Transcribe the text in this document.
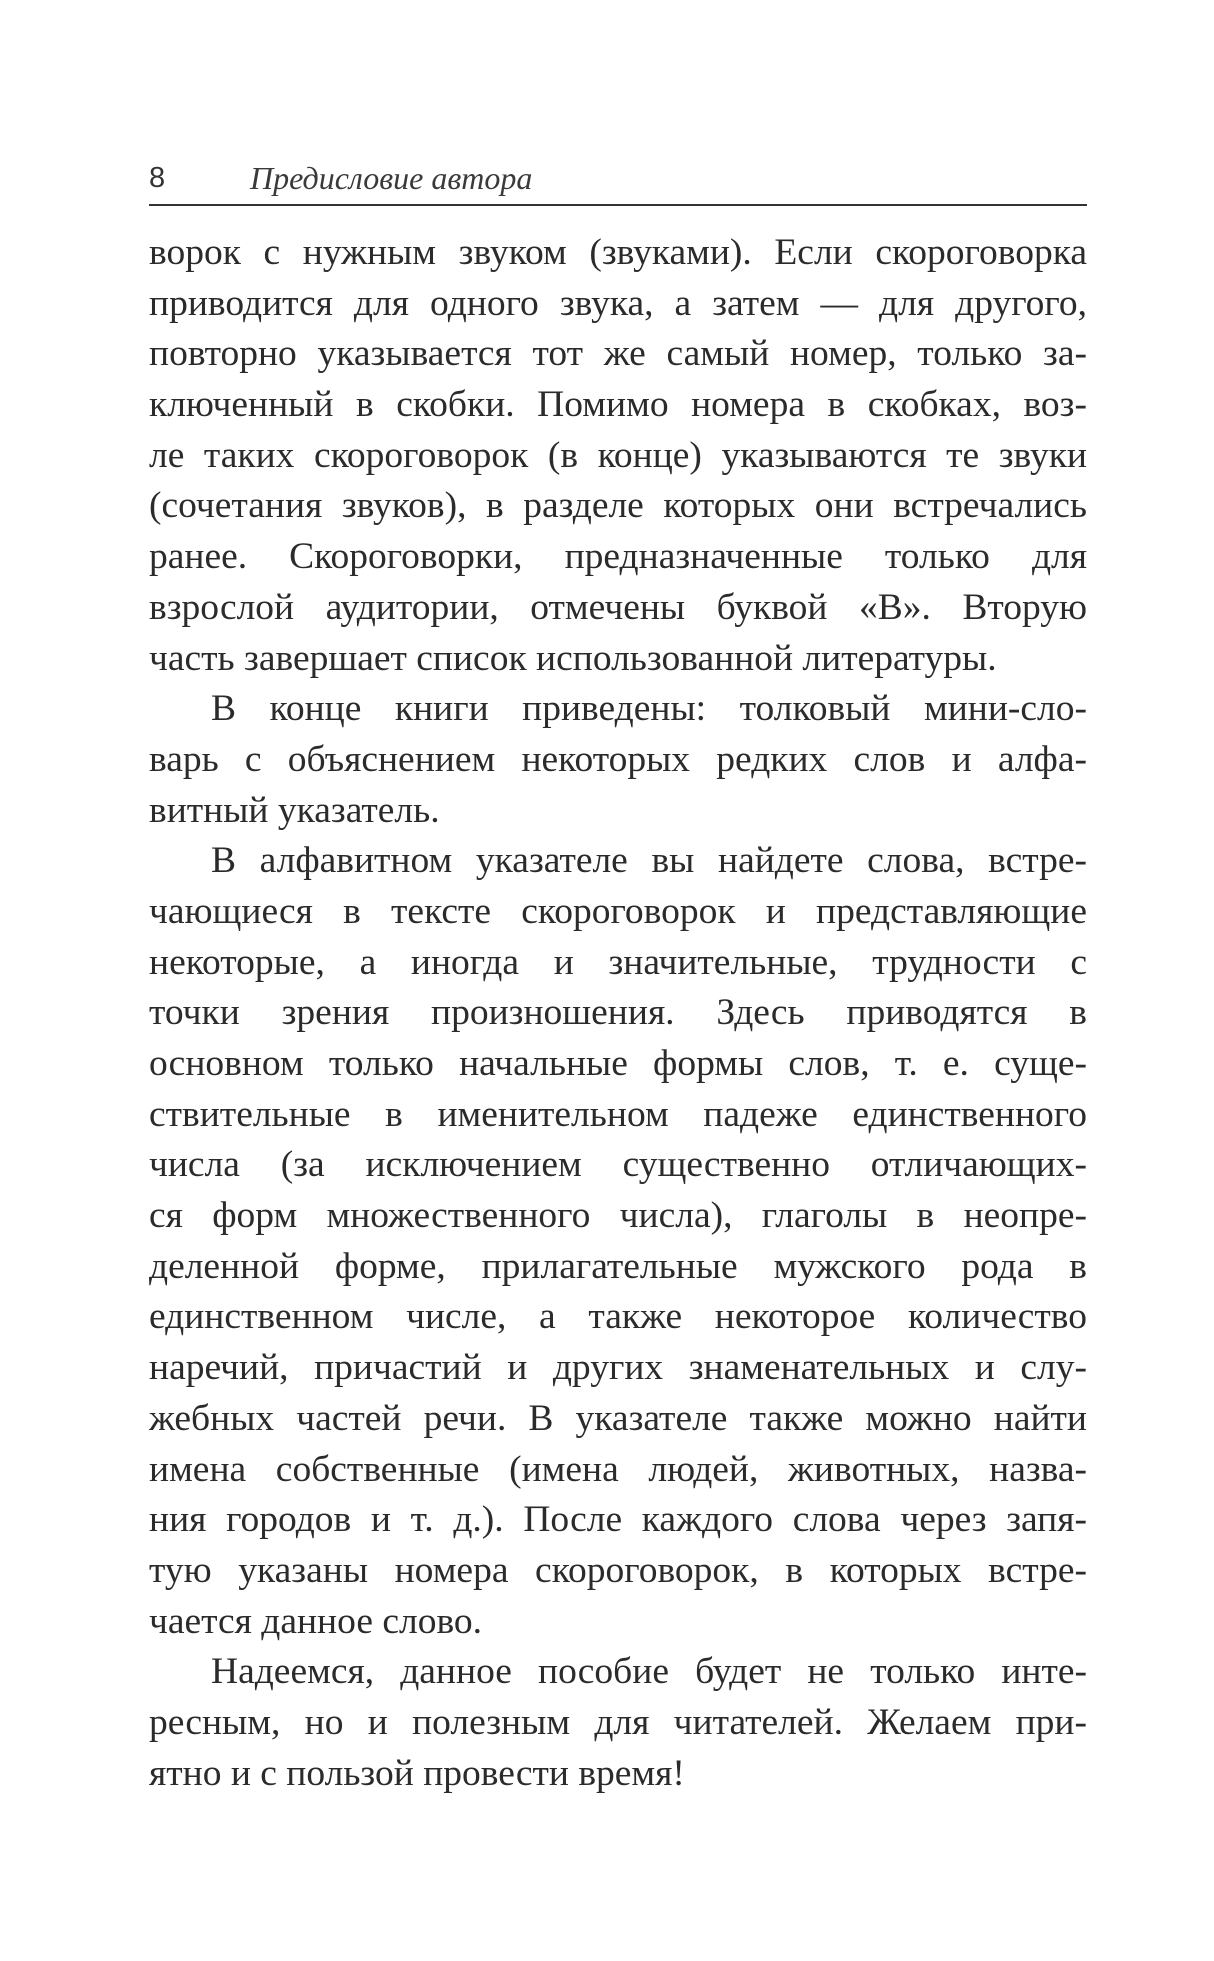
8	Предисловие автора
ворок с нужным звуком (звуками). Если скороговорка
приводится для одного звука, а затем — для другого,
повторно указывается тот же самый номер, только за-
ключенный в скобки. Помимо номера в скобках, воз-
ле таких скороговорок (в конце) указываются те звуки
(сочетания звуков), в разделе которых они встречались
ранее. Скороговорки, предназначенные только для
взрослой аудитории, отмечены буквой «В». Вторую
часть завершает список использованной литературы.
В конце книги приведены: толковый мини-сло-
варь с объяснением некоторых редких слов и алфа-
витный указатель.
В алфавитном указателе вы найдете слова, встре-
чающиеся в тексте скороговорок и представляющие
некоторые, а иногда и значительные, трудности с
точки зрения произношения. Здесь приводятся в
основном только начальные формы слов, т. е. суще-
ствительные в именительном падеже единственного
числа (за исключением существенно отличающих-
ся форм множественного числа), глаголы в неопре-
деленной форме, прилагательные мужского рода в
единственном числе, а также некоторое количество
наречий, причастий и других знаменательных и слу-
жебных частей речи. В указателе также можно найти
имена собственные (имена людей, животных, назва-
ния городов и т. д.). После каждого слова через запя-
тую указаны номера скороговорок, в которых встре-
чается данное слово.
Надеемся, данное пособие будет не только инте-
ресным, но и полезным для читателей. Желаем при-
ятно и с пользой провести время!
